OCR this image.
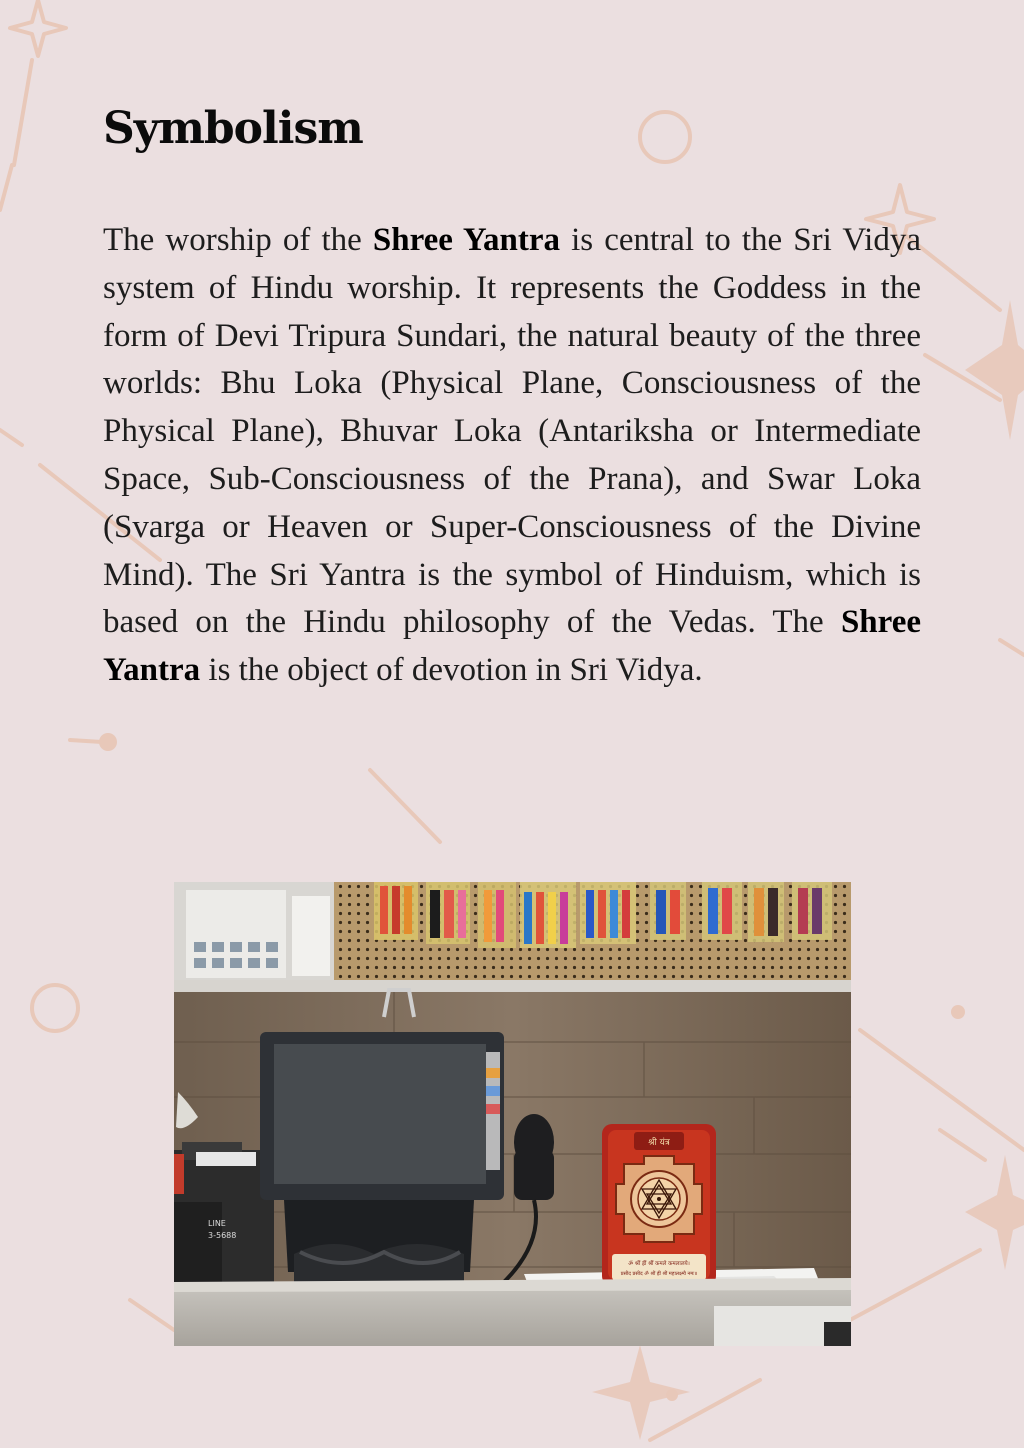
Symbolism

The worship of the Shree Yantra is central to the Sri Vidya system of Hindu worship. It represents the Goddess in the form of Devi Tripura Sundari, the natural beauty of the three worlds: Bhu Loka (Physical Plane, Consciousness of the Physical Plane), Bhuvar Loka (Antariksha or Intermediate Space, Sub-Consciousness of the Prana), and Swar Loka (Svarga or Heaven or Super-Consciousness of the Divine Mind). The Sri Yantra is the symbol of Hinduism, which is based on the Hindu philosophy of the Vedas. The Shree Yantra is the object of devotion in Sri Vidya.

LINE
3-5688
श्री यंत्र
ॐ श्रीं ह्रीं श्रीं कमले कमलालये।
प्रसीद प्रसीद ॐ श्रीं ह्रीं श्रीं महालक्ष्म्यै नमः॥
